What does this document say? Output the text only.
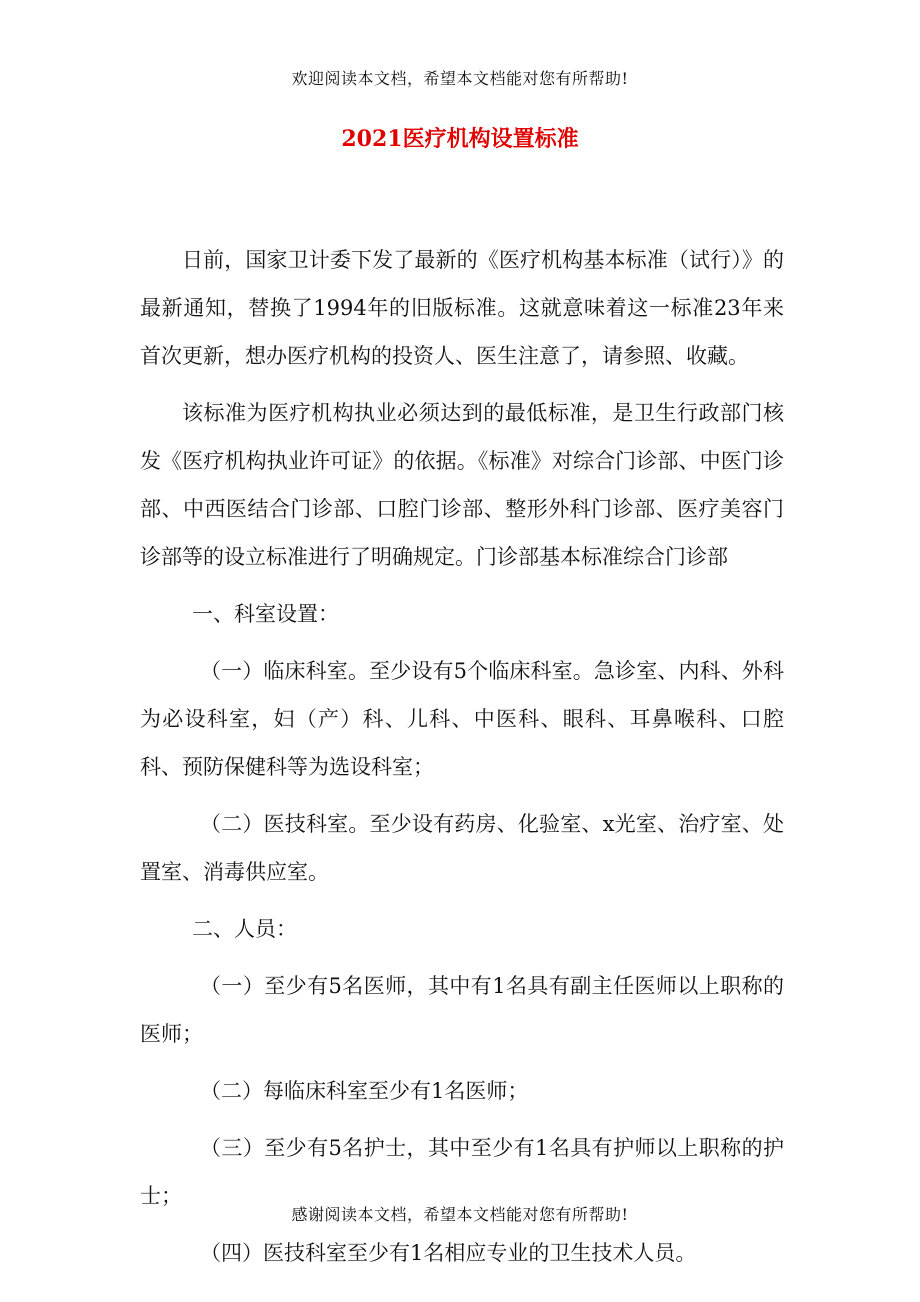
欢迎阅读本文档，希望本文档能对您有所帮助!
2021医疗机构设置标准

日前，国家卫计委下发了最新的《医疗机构基本标准（试行）》的最新通知，替换了1994年的旧版标准。这就意味着这一标准23年来首次更新，想办医疗机构的投资人、医生注意了，请参照、收藏。

该标准为医疗机构执业必须达到的最低标准，是卫生行政部门核发《医疗机构执业许可证》的依据。《标准》对综合门诊部、中医门诊部、中西医结合门诊部、口腔门诊部、整形外科门诊部、医疗美容门诊部等的设立标准进行了明确规定。门诊部基本标准综合门诊部

一、科室设置：

（一）临床科室。至少设有5个临床科室。急诊室、内科、外科为必设科室，妇（产）科、儿科、中医科、眼科、耳鼻喉科、口腔科、预防保健科等为选设科室；

（二）医技科室。至少设有药房、化验室、x光室、治疗室、处置室、消毒供应室。

二、人员：

（一）至少有5名医师，其中有1名具有副主任医师以上职称的医师；

（二）每临床科室至少有1名医师；

（三）至少有5名护士，其中至少有1名具有护师以上职称的护士；

（四）医技科室至少有1名相应专业的卫生技术人员。

感谢阅读本文档，希望本文档能对您有所帮助!
